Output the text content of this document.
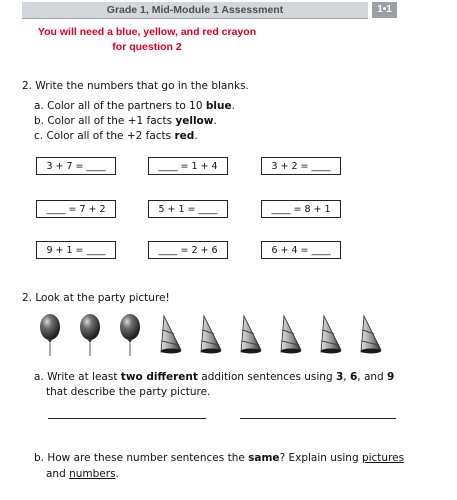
Grade 1, Mid-Module 1 Assessment	1•1
You will need a blue, yellow, and red crayon
for question 2
2. Write the numbers that go in the blanks.
a. Color all of the partners to 10 blue.
b. Color all of the +1 facts yellow.
c. Color all of the +2 facts red.
3 + 7 = ____	____ = 1 + 4	3 + 2 = ____
____ = 7 + 2	5 + 1 = ____	____ = 8 + 1
9 + 1 = ____	____ = 2 + 6	6 + 4 = ____
2. Look at the party picture!
a. Write at least two different addition sentences using 3, 6, and 9
that describe the party picture.
b. How are these number sentences the same? Explain using pictures
and numbers.
